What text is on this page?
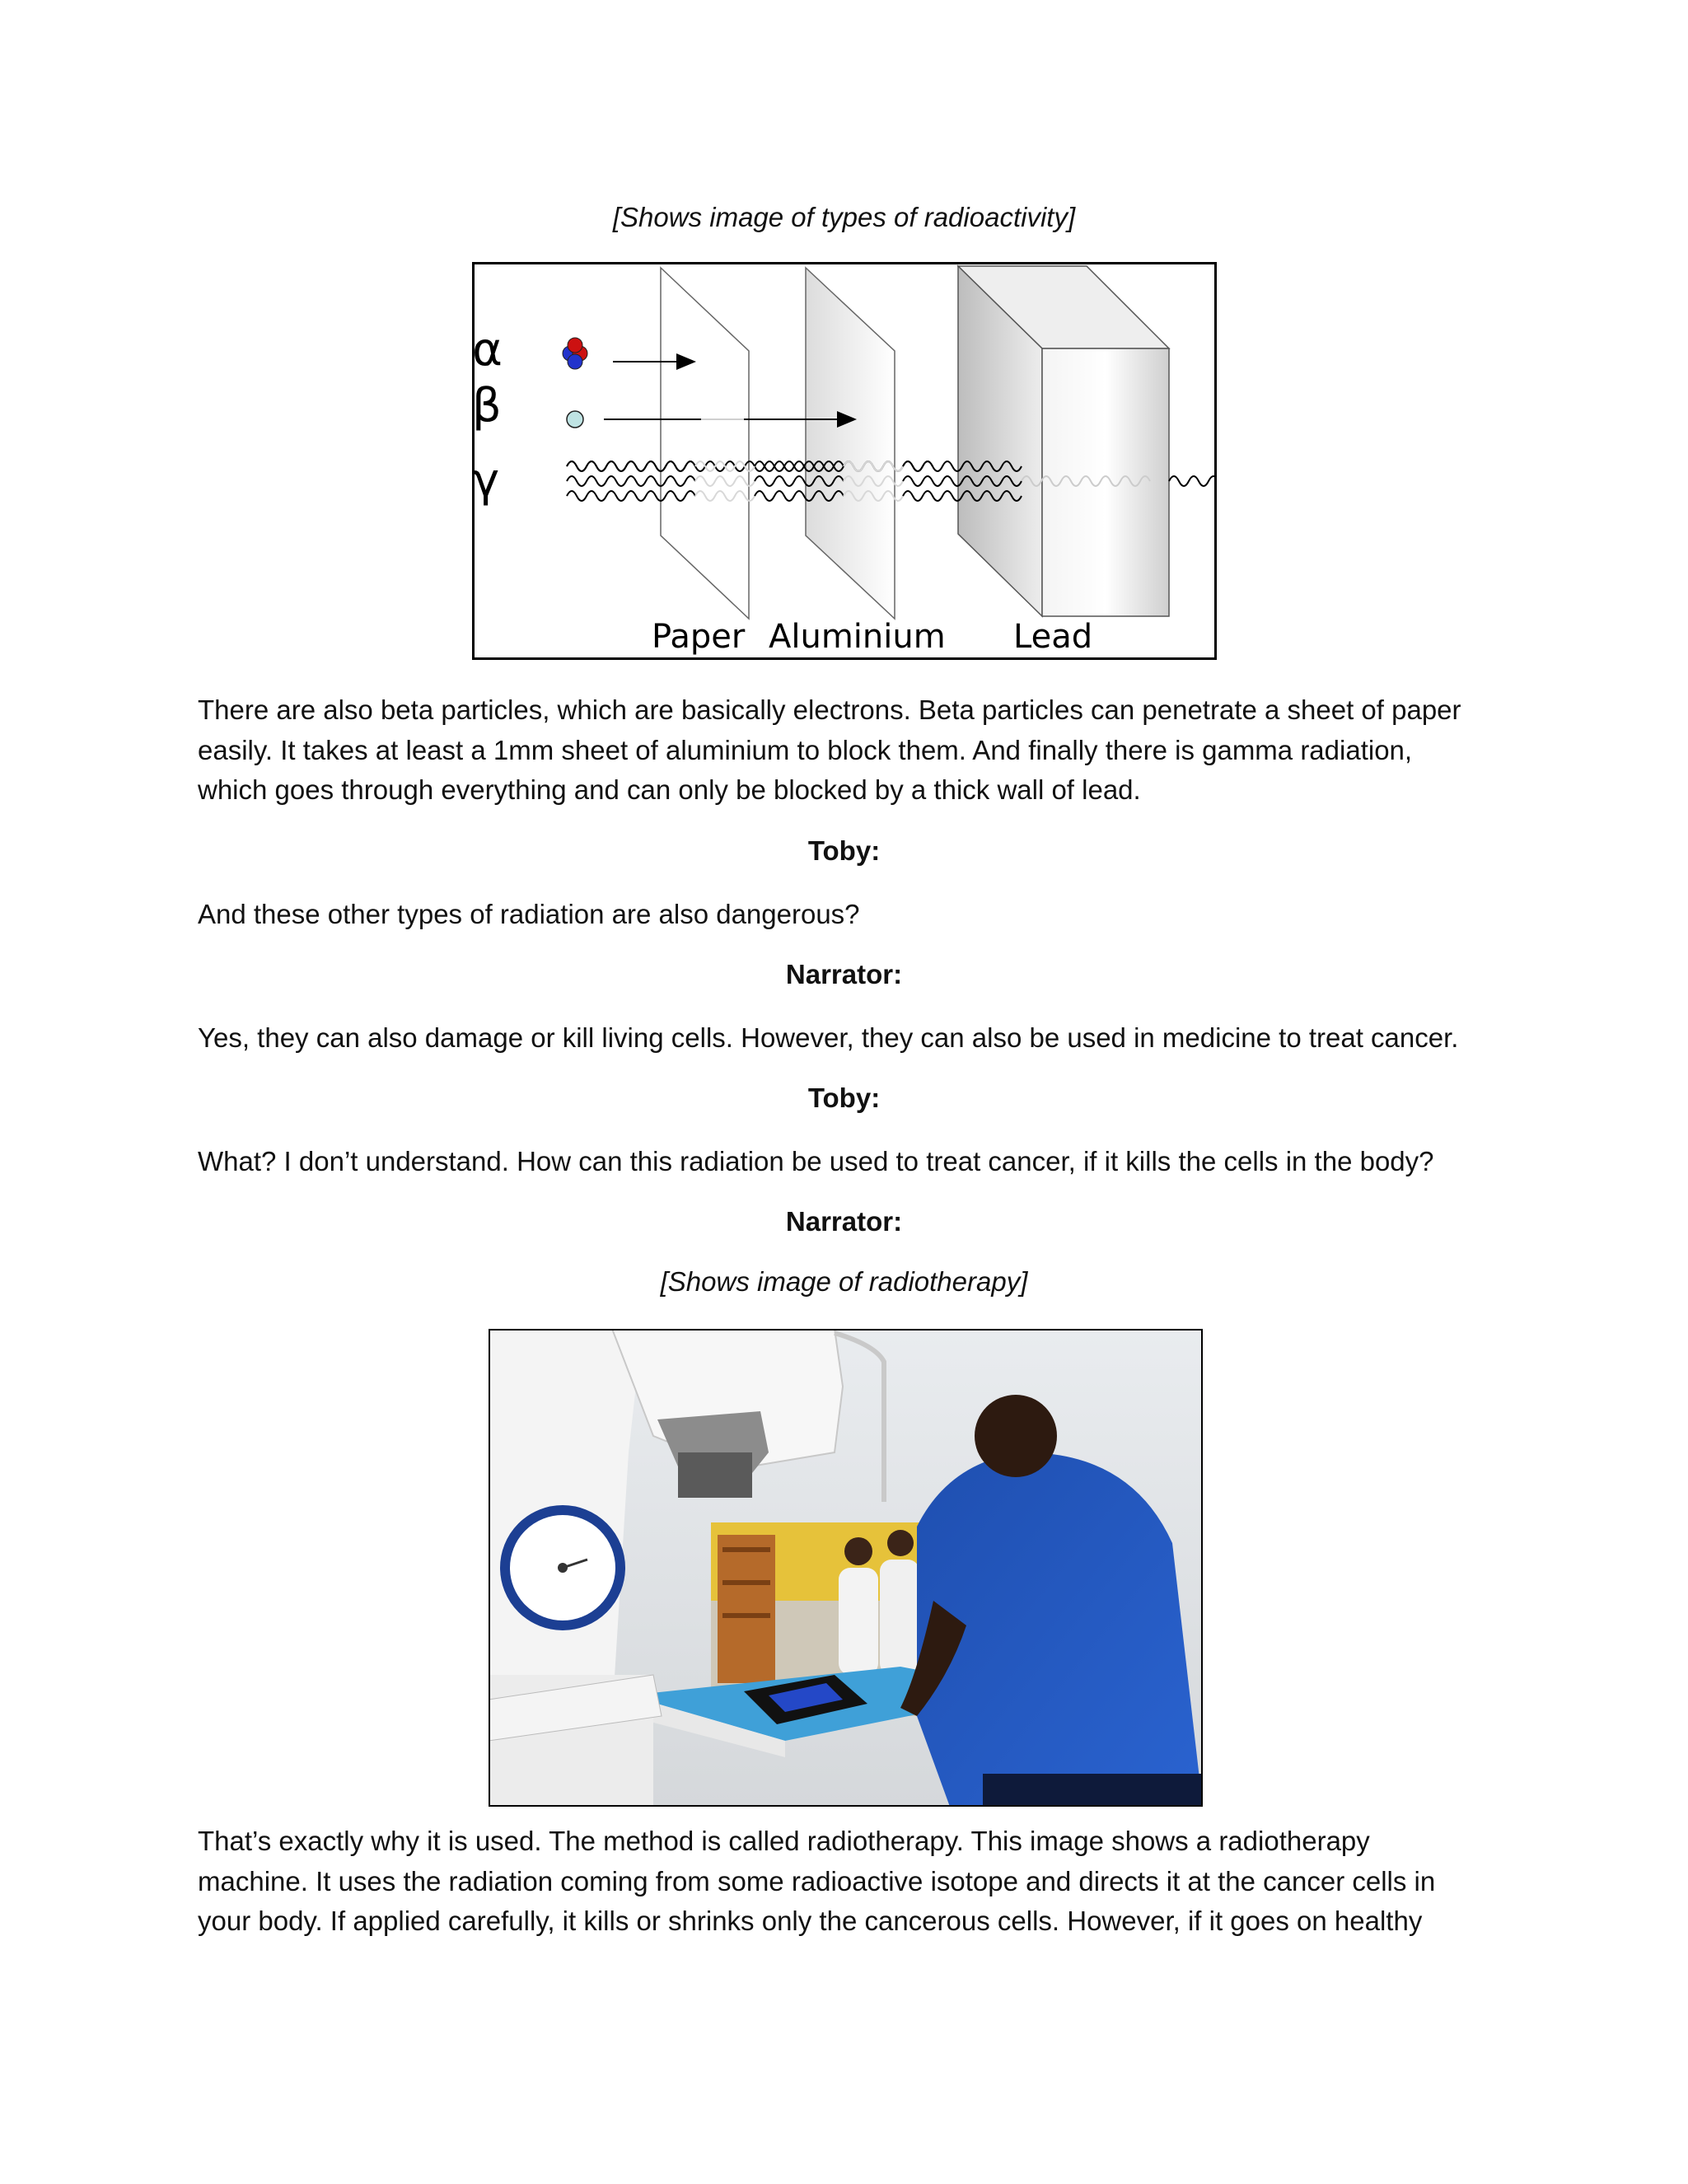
[Shows image of types of radioactivity]
α
β
γ
Paper Aluminium Lead
There are also beta particles, which are basically electrons. Beta particles can penetrate a sheet of paper
easily. It takes at least a 1mm sheet of aluminium to block them. And finally there is gamma radiation,
which goes through everything and can only be blocked by a thick wall of lead.
Toby:
And these other types of radiation are also dangerous?
Narrator:
Yes, they can also damage or kill living cells. However, they can also be used in medicine to treat cancer.
Toby:
What? I don’t understand. How can this radiation be used to treat cancer, if it kills the cells in the body?
Narrator:
[Shows image of radiotherapy]
That’s exactly why it is used. The method is called radiotherapy. This image shows a radiotherapy
machine. It uses the radiation coming from some radioactive isotope and directs it at the cancer cells in
your body. If applied carefully, it kills or shrinks only the cancerous cells. However, if it goes on healthy
